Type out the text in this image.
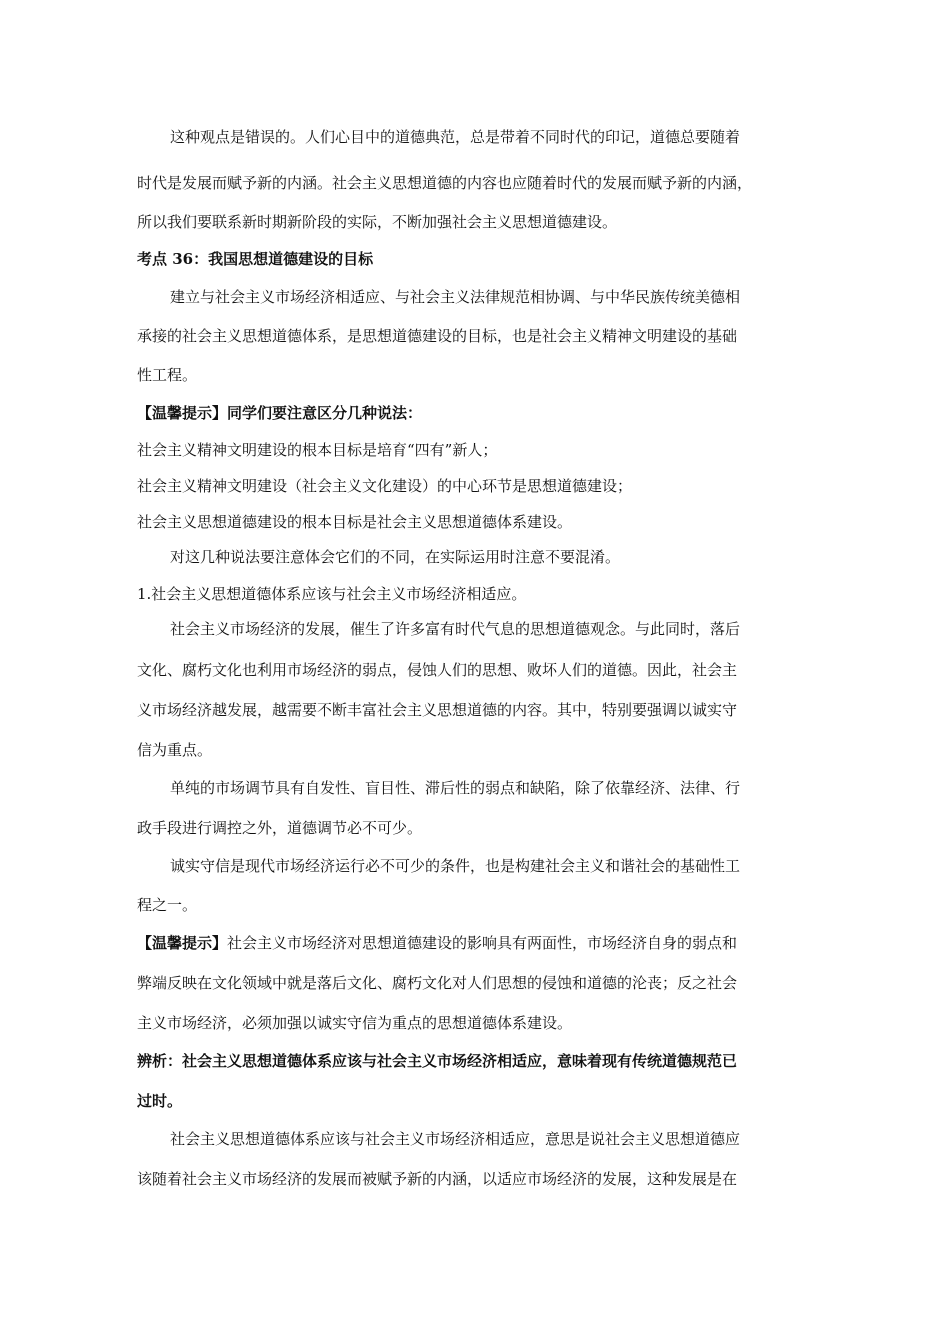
这种观点是错误的。人们心目中的道德典范，总是带着不同时代的印记，道德总要随着
时代是发展而赋予新的内涵。社会主义思想道德的内容也应随着时代的发展而赋予新的内涵，
所以我们要联系新时期新阶段的实际，不断加强社会主义思想道德建设。
考点 36：我国思想道德建设的目标
建立与社会主义市场经济相适应、与社会主义法律规范相协调、与中华民族传统美德相
承接的社会主义思想道德体系，是思想道德建设的目标，也是社会主义精神文明建设的基础
性工程。
【温馨提示】同学们要注意区分几种说法：
社会主义精神文明建设的根本目标是培育“四有”新人；
社会主义精神文明建设（社会主义文化建设）的中心环节是思想道德建设；
社会主义思想道德建设的根本目标是社会主义思想道德体系建设。
对这几种说法要注意体会它们的不同，在实际运用时注意不要混淆。
1.社会主义思想道德体系应该与社会主义市场经济相适应。
社会主义市场经济的发展，催生了许多富有时代气息的思想道德观念。与此同时，落后
文化、腐朽文化也利用市场经济的弱点，侵蚀人们的思想、败坏人们的道德。因此，社会主
义市场经济越发展，越需要不断丰富社会主义思想道德的内容。其中，特别要强调以诚实守
信为重点。
单纯的市场调节具有自发性、盲目性、滞后性的弱点和缺陷，除了依靠经济、法律、行
政手段进行调控之外，道德调节必不可少。
诚实守信是现代市场经济运行必不可少的条件，也是构建社会主义和谐社会的基础性工
程之一。
【温馨提示】社会主义市场经济对思想道德建设的影响具有两面性，市场经济自身的弱点和
弊端反映在文化领域中就是落后文化、腐朽文化对人们思想的侵蚀和道德的沦丧；反之社会
主义市场经济，必须加强以诚实守信为重点的思想道德体系建设。
辨析：社会主义思想道德体系应该与社会主义市场经济相适应，意味着现有传统道德规范已
过时。
社会主义思想道德体系应该与社会主义市场经济相适应，意思是说社会主义思想道德应
该随着社会主义市场经济的发展而被赋予新的内涵，以适应市场经济的发展，这种发展是在
